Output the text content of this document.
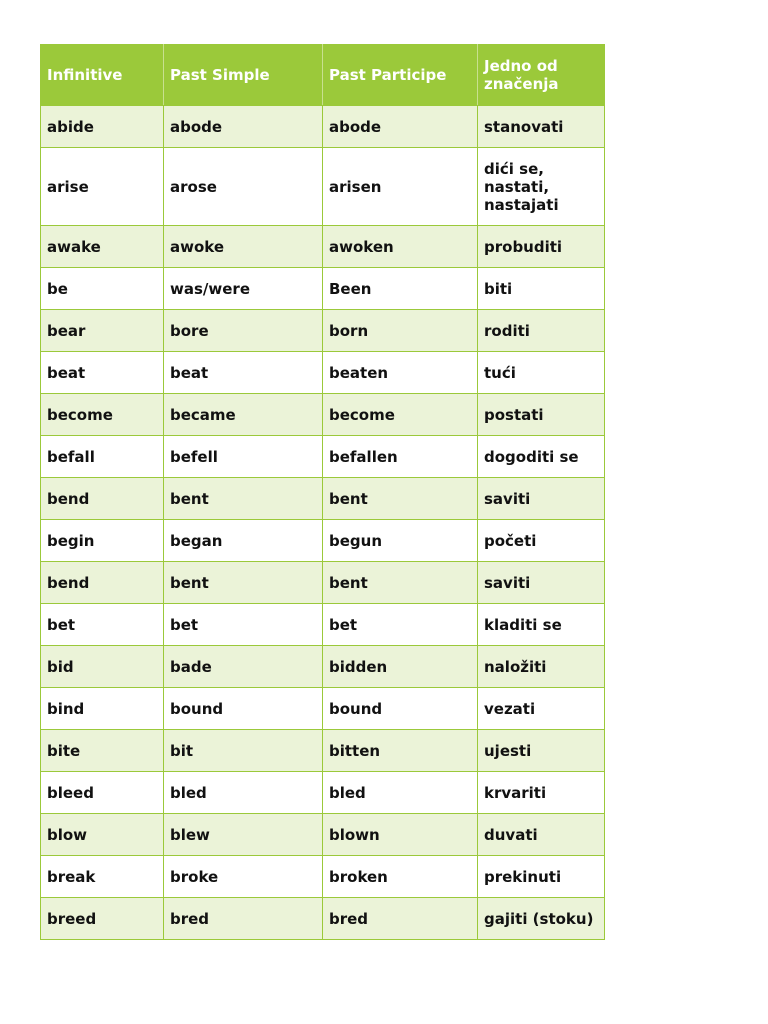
Infinitive	Past Simple	Past Participe	Jedno od značenja
abide	abode	abode	stanovati
arise	arose	arisen	dići se, nastati, nastajati
awake	awoke	awoken	probuditi
be	was/were	Been	biti
bear	bore	born	roditi
beat	beat	beaten	tući
become	became	become	postati
befall	befell	befallen	dogoditi se
bend	bent	bent	saviti
begin	began	begun	početi
bend	bent	bent	saviti
bet	bet	bet	kladiti se
bid	bade	bidden	naložiti
bind	bound	bound	vezati
bite	bit	bitten	ujesti
bleed	bled	bled	krvariti
blow	blew	blown	duvati
break	broke	broken	prekinuti
breed	bred	bred	gajiti (stoku)
